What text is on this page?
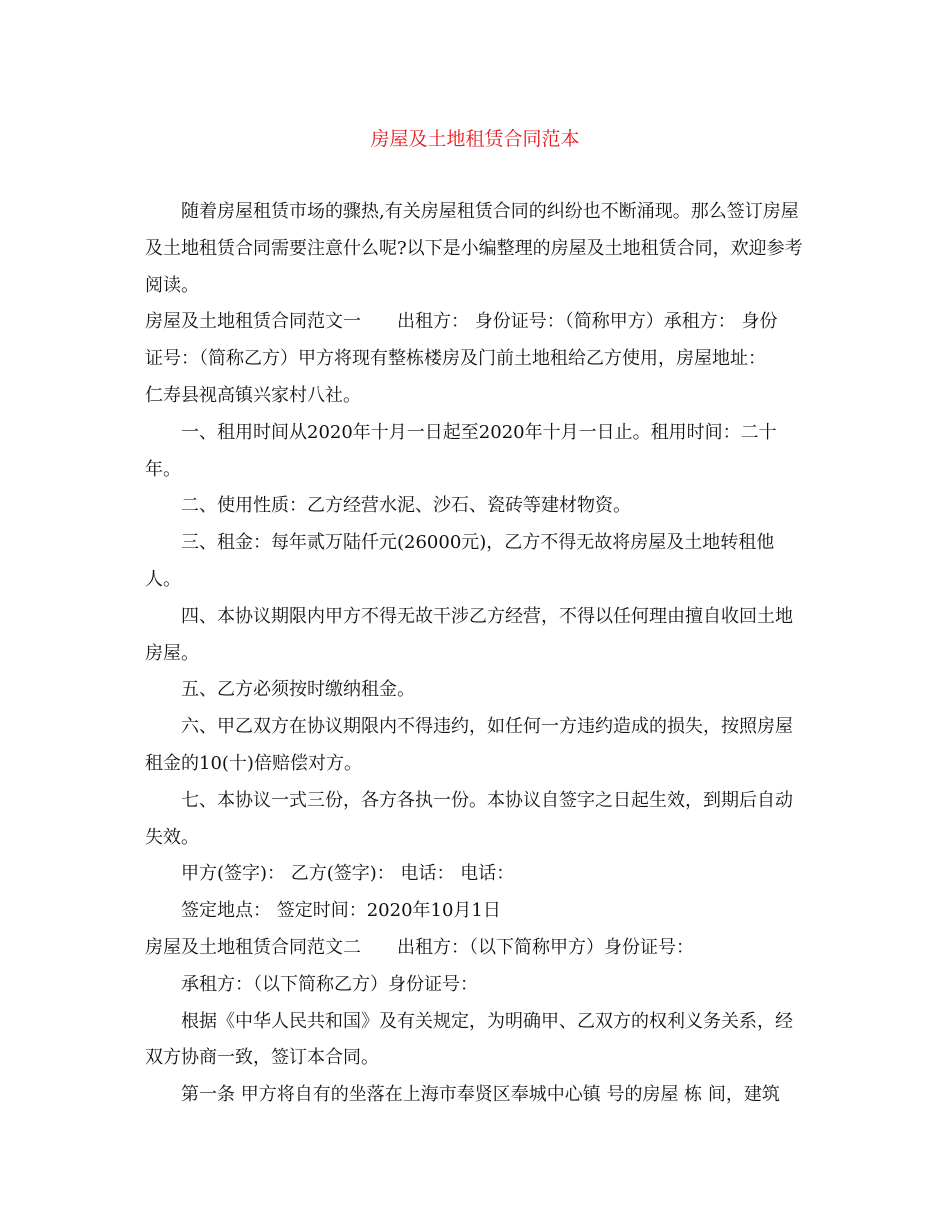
房屋及土地租赁合同范本

随着房屋租赁市场的骤热,有关房屋租赁合同的纠纷也不断涌现。那么签订房屋及土地租赁合同需要注意什么呢?以下是小编整理的房屋及土地租赁合同，欢迎参考阅读。

房屋及土地租赁合同范文一 出租方： 身份证号：（简称甲方）承租方： 身份

证号：（简称乙方）甲方将现有整栋楼房及门前土地租给乙方使用，房屋地址：

仁寿县视高镇兴家村八社。

一、租用时间从2020年十月一日起至2020年十月一日止。租用时间：二十年。

二、使用性质：乙方经营水泥、沙石、瓷砖等建材物资。

三、租金：每年贰万陆仟元(26000元)，乙方不得无故将房屋及土地转租他人。

四、本协议期限内甲方不得无故干涉乙方经营，不得以任何理由擅自收回土地房屋。

五、乙方必须按时缴纳租金。

六、甲乙双方在协议期限内不得违约，如任何一方违约造成的损失，按照房屋租金的10(十)倍赔偿对方。

七、本协议一式三份，各方各执一份。本协议自签字之日起生效，到期后自动失效。

甲方(签字)： 乙方(签字)： 电话： 电话：

签定地点： 签定时间：2020年10月1日

房屋及土地租赁合同范文二 出租方：（以下简称甲方）身份证号：

承租方：（以下简称乙方）身份证号：

根据《中华人民共和国》及有关规定，为明确甲、乙双方的权利义务关系，经双方协商一致，签订本合同。

第一条 甲方将自有的坐落在上海市奉贤区奉城中心镇 号的房屋 栋 间，建筑
